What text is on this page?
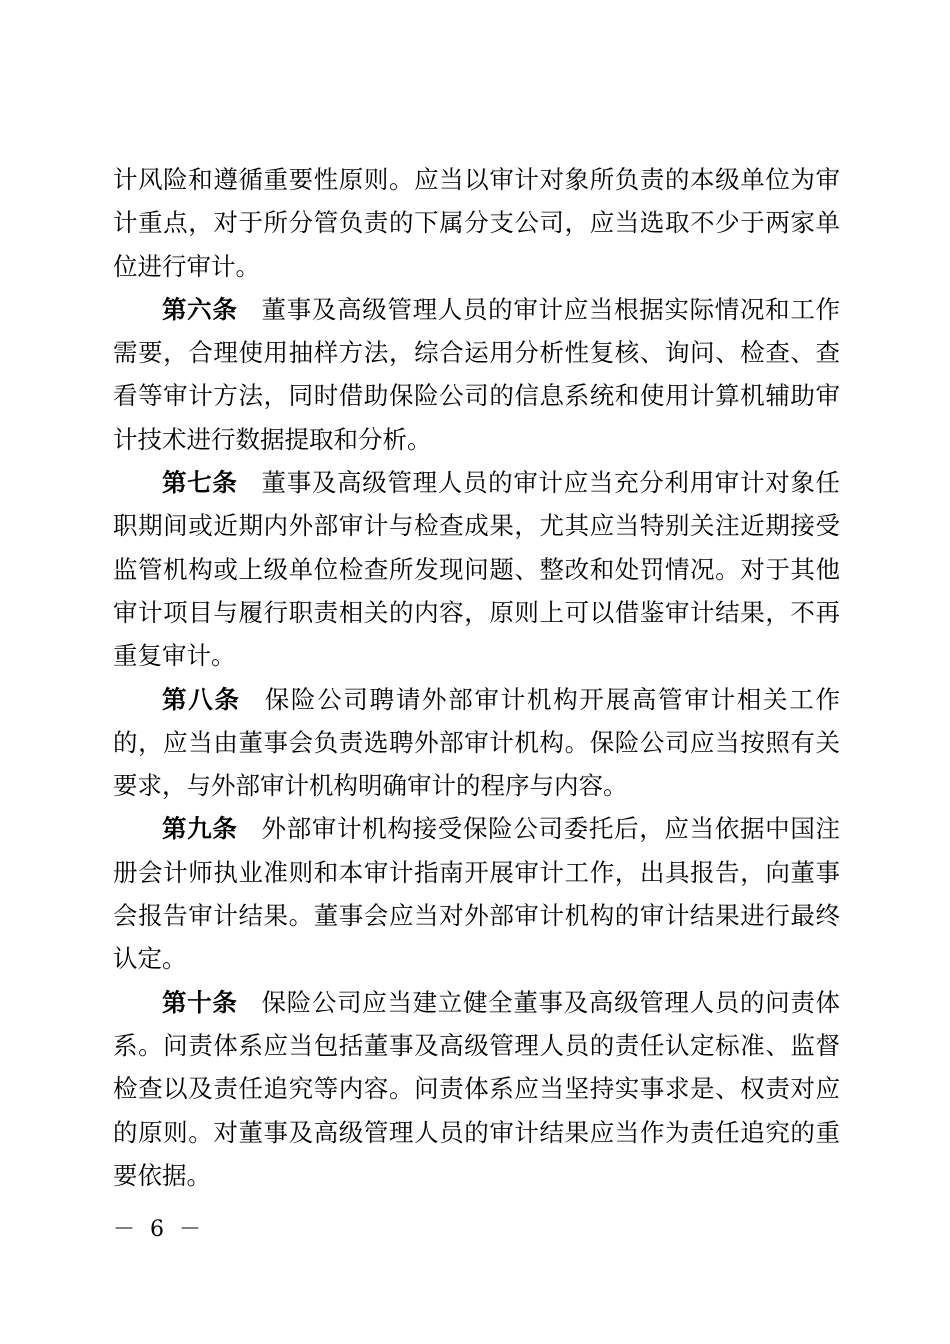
计风险和遵循重要性原则。应当以审计对象所负责的本级单位为审计重点，对于所分管负责的下属分支公司，应当选取不少于两家单位进行审计。

第六条 董事及高级管理人员的审计应当根据实际情况和工作需要，合理使用抽样方法，综合运用分析性复核、询问、检查、查看等审计方法，同时借助保险公司的信息系统和使用计算机辅助审计技术进行数据提取和分析。

第七条 董事及高级管理人员的审计应当充分利用审计对象任职期间或近期内外部审计与检查成果，尤其应当特别关注近期接受监管机构或上级单位检查所发现问题、整改和处罚情况。对于其他审计项目与履行职责相关的内容，原则上可以借鉴审计结果，不再重复审计。

第八条 保险公司聘请外部审计机构开展高管审计相关工作的，应当由董事会负责选聘外部审计机构。保险公司应当按照有关要求，与外部审计机构明确审计的程序与内容。

第九条 外部审计机构接受保险公司委托后，应当依据中国注册会计师执业准则和本审计指南开展审计工作，出具报告，向董事会报告审计结果。董事会应当对外部审计机构的审计结果进行最终认定。

第十条 保险公司应当建立健全董事及高级管理人员的问责体系。问责体系应当包括董事及高级管理人员的责任认定标准、监督检查以及责任追究等内容。问责体系应当坚持实事求是、权责对应的原则。对董事及高级管理人员的审计结果应当作为责任追究的重要依据。

－ 6 －
